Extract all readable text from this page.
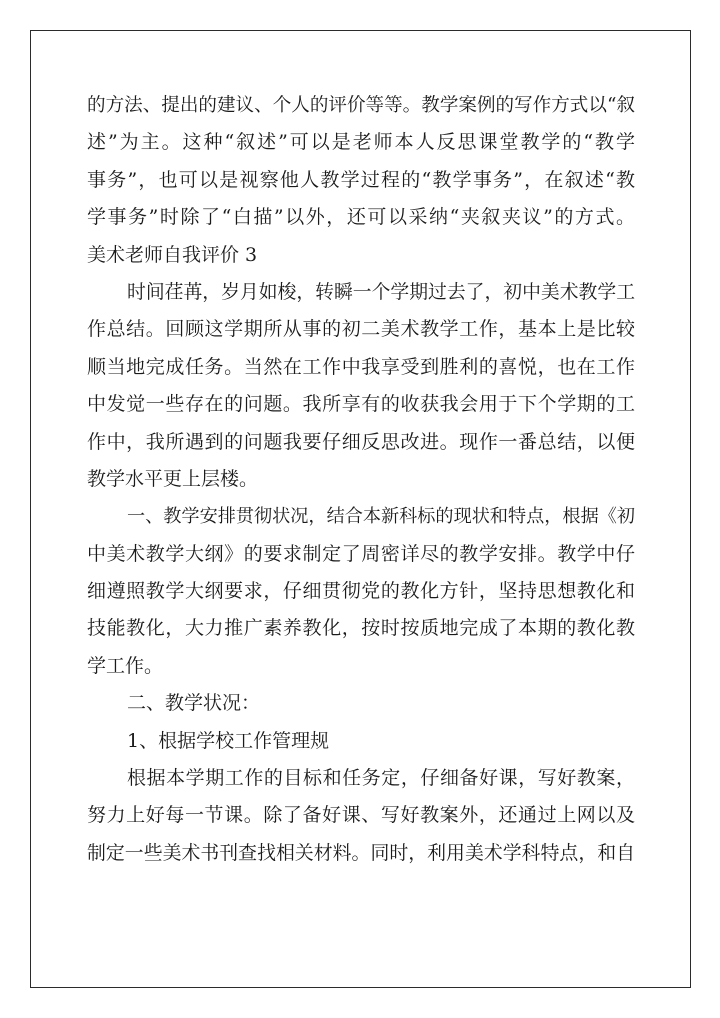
的方法、提出的建议、个人的评价等等。教学案例的写作方式以“叙
述”为主。这种“叙述”可以是老师本人反思课堂教学的“教学
事务”，也可以是视察他人教学过程的“教学事务”，在叙述“教
学事务”时除了“白描”以外，还可以采纳“夹叙夹议”的方式。
美术老师自我评价 3
时间荏苒，岁月如梭，转瞬一个学期过去了，初中美术教学工
作总结。回顾这学期所从事的初二美术教学工作，基本上是比较
顺当地完成任务。当然在工作中我享受到胜利的喜悦，也在工作
中发觉一些存在的问题。我所享有的收获我会用于下个学期的工
作中，我所遇到的问题我要仔细反思改进。现作一番总结，以便
教学水平更上层楼。
一、教学安排贯彻状况，结合本新科标的现状和特点，根据《初
中美术教学大纲》的要求制定了周密详尽的教学安排。教学中仔
细遵照教学大纲要求，仔细贯彻党的教化方针，坚持思想教化和
技能教化，大力推广素养教化，按时按质地完成了本期的教化教
学工作。
二、教学状况：
1、根据学校工作管理规
根据本学期工作的目标和任务定，仔细备好课，写好教案，
努力上好每一节课。除了备好课、写好教案外，还通过上网以及
制定一些美术书刊查找相关材料。同时，利用美术学科特点，和自
